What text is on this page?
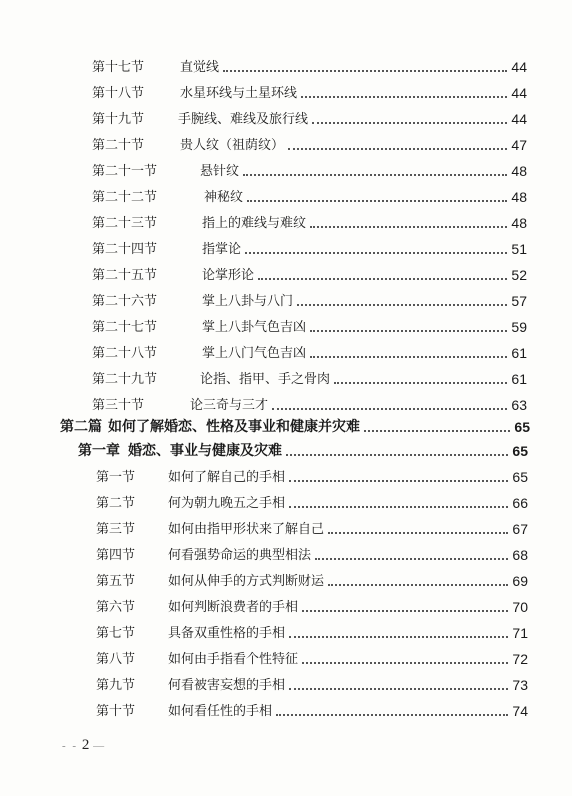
第十七节	直觉线	44
第十八节	水星环线与土星环线	44
第十九节	手腕线、难线及旅行线	44
第二十节	贵人纹（祖荫纹）	47
第二十一节	悬针纹	48
第二十二节	神秘纹	48
第二十三节	指上的难线与难纹	48
第二十四节	指掌论	51
第二十五节	论掌形论	52
第二十六节	掌上八卦与八门	57
第二十七节	掌上八卦气色吉凶	59
第二十八节	掌上八门气色吉凶	61
第二十九节	论指、指甲、手之骨肉	61
第三十节	论三奇与三才	63
第二篇 如何了解婚恋、性格及事业和健康并灾难	65
第一章 婚恋、事业与健康及灾难	65
第一节	如何了解自己的手相	65
第二节	何为朝九晚五之手相	66
第三节	如何由指甲形状来了解自己	67
第四节	何看强势命运的典型相法	68
第五节	如何从伸手的方式判断财运	69
第六节	如何判断浪费者的手相	70
第七节	具备双重性格的手相	71
第八节	如何由手指看个性特征	72
第九节	何看被害妄想的手相	73
第十节	如何看任性的手相	74
- - 2 —
